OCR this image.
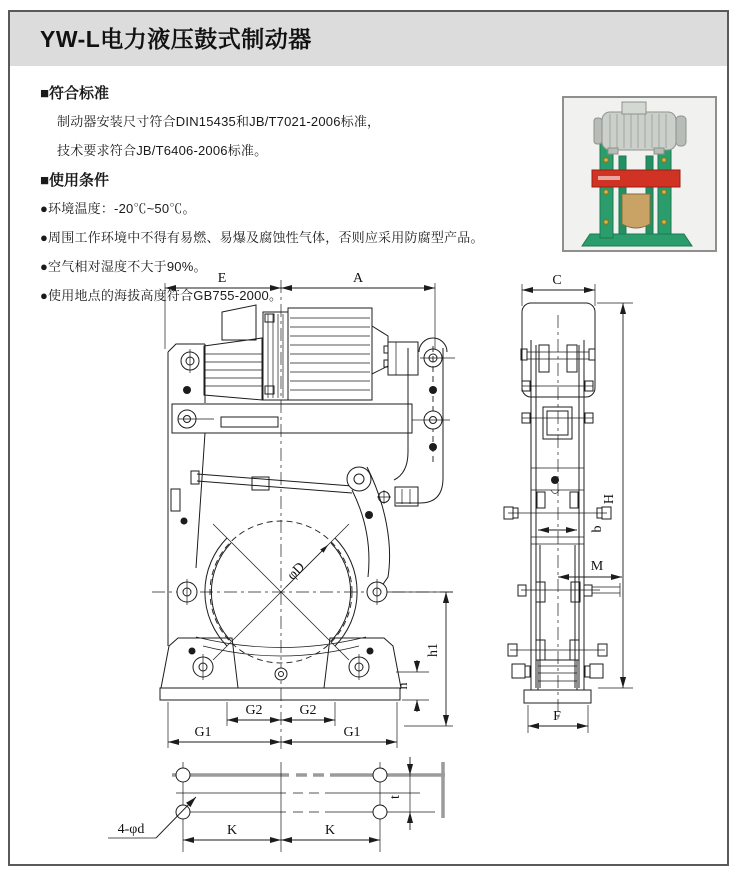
YW-L电力液压鼓式制动器
■符合标准

制动器安装尺寸符合DIN15435和JB/T7021-2006标准，

技术要求符合JB/T6406-2006标准。

■使用条件

●环境温度：-20℃~50℃。

●周围工作环境中不得有易燃、易爆及腐蚀性气体，否则应采用防腐型产品。

●空气相对湿度不大于90%。

●使用地点的海拔高度符合GB755-2000。

E	A
φD
G2	G2
G1	G1
h1
n
C
H
b
M
F
K	K
t
4-φd
